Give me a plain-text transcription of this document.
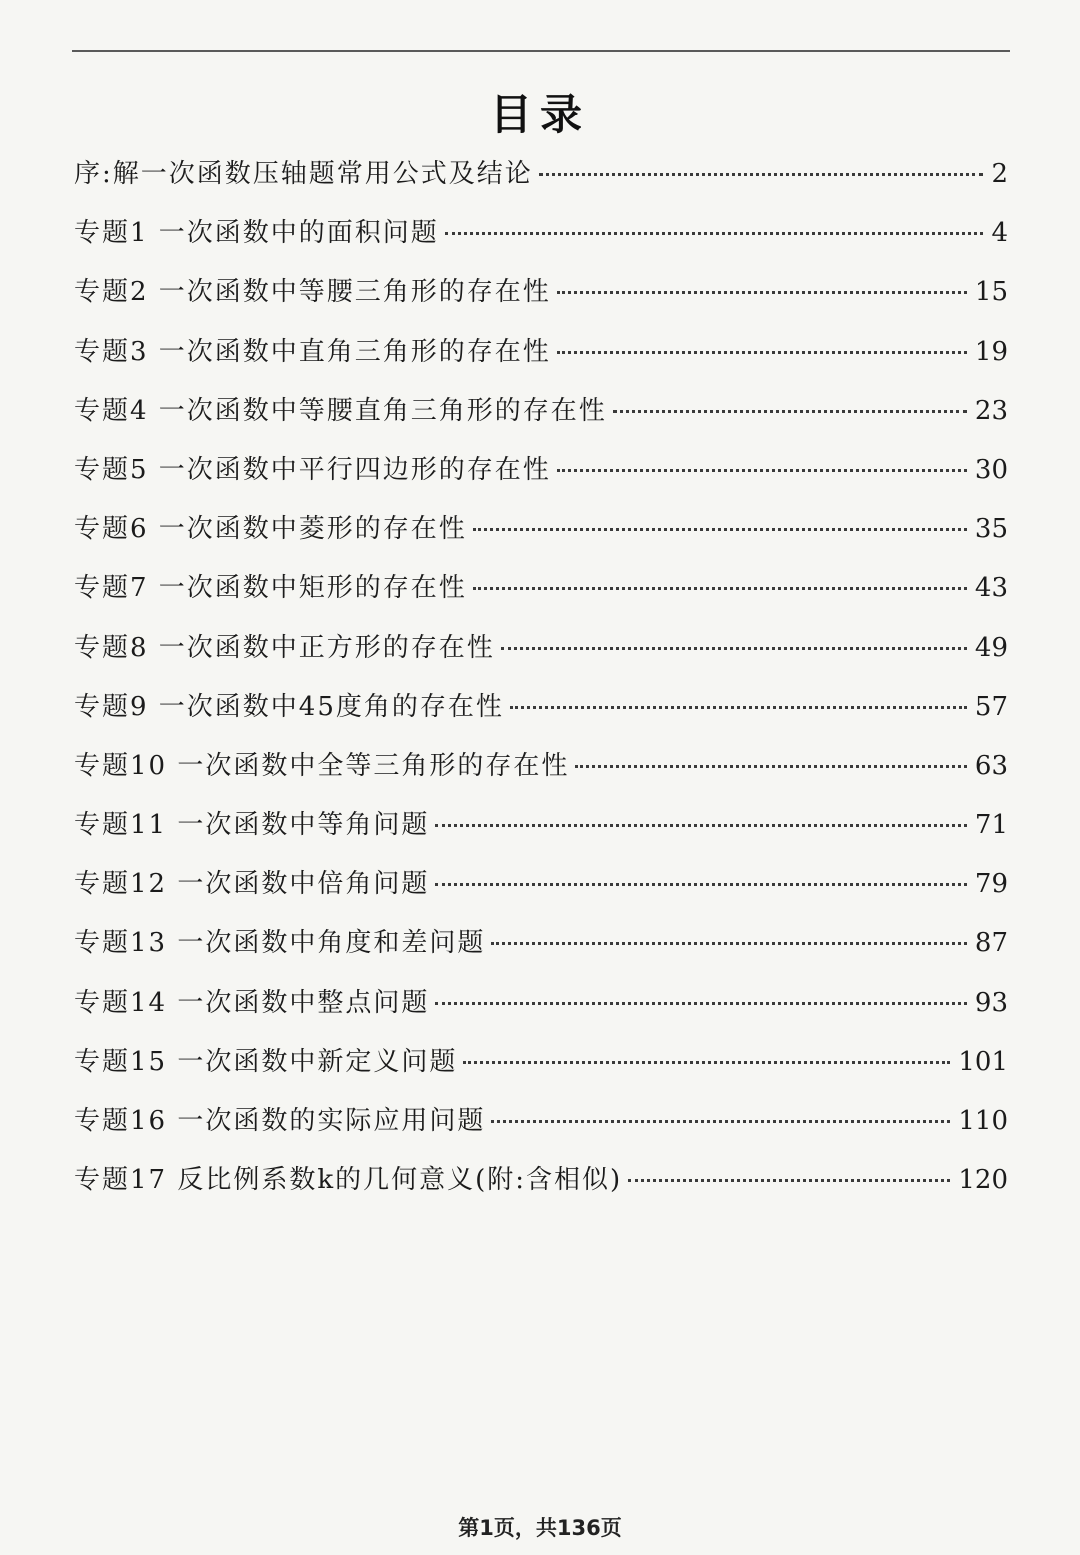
目录
序:解一次函数压轴题常用公式及结论	2
专题1 一次函数中的面积问题	4
专题2 一次函数中等腰三角形的存在性	15
专题3 一次函数中直角三角形的存在性	19
专题4 一次函数中等腰直角三角形的存在性	23
专题5 一次函数中平行四边形的存在性	30
专题6 一次函数中菱形的存在性	35
专题7 一次函数中矩形的存在性	43
专题8 一次函数中正方形的存在性	49
专题9 一次函数中45度角的存在性	57
专题10 一次函数中全等三角形的存在性	63
专题11 一次函数中等角问题	71
专题12 一次函数中倍角问题	79
专题13 一次函数中角度和差问题	87
专题14 一次函数中整点问题	93
专题15 一次函数中新定义问题	101
专题16 一次函数的实际应用问题	110
专题17 反比例系数k的几何意义(附:含相似)	120
第1页，共136页
